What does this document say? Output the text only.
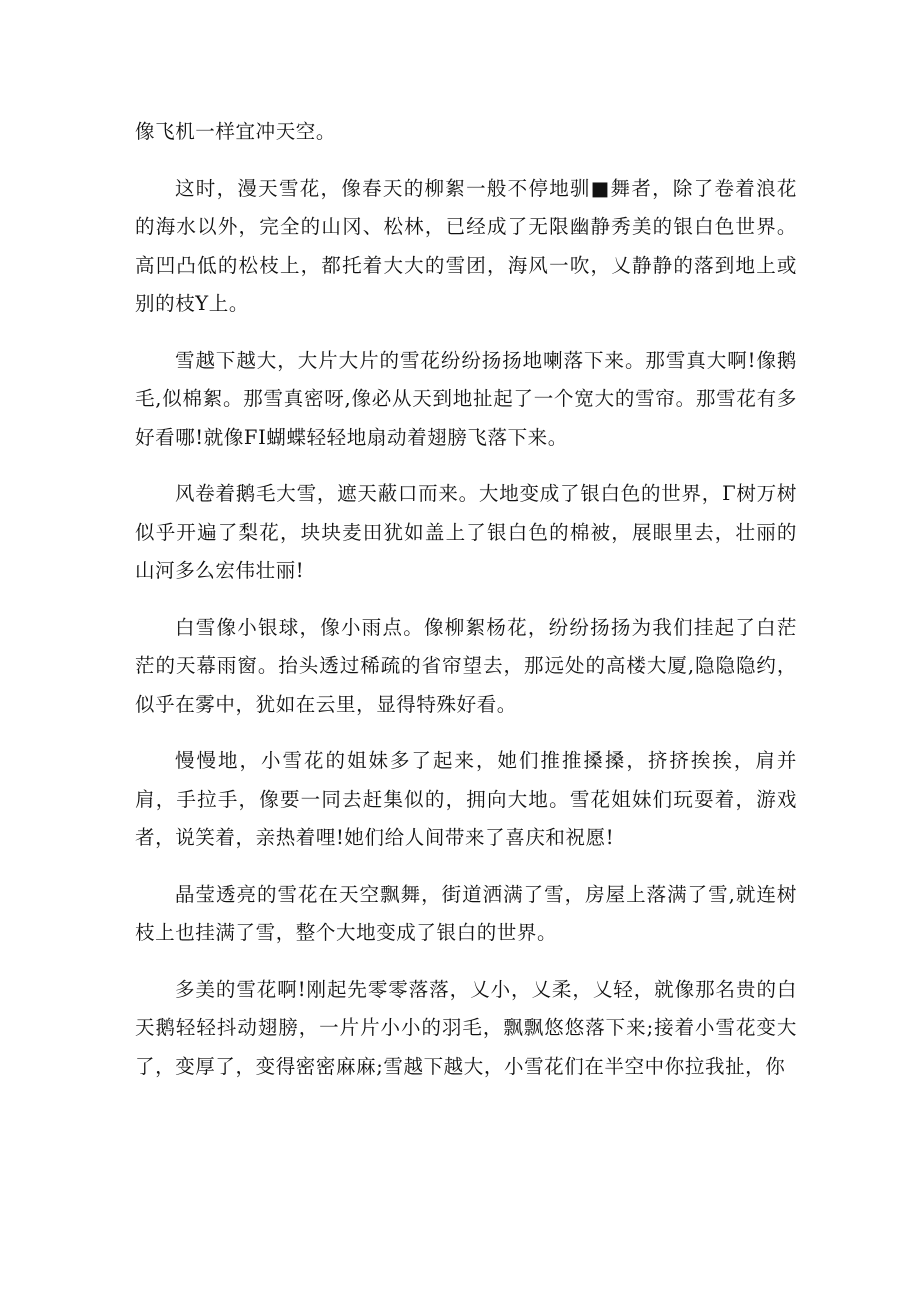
像飞机一样宜冲天空。

这时，漫天雪花，像春天的柳絮一般不停地驯■舞者，除了卷着浪花的海水以外，完全的山冈、松林，已经成了无限幽静秀美的银白色世界。高凹凸低的松枝上，都托着大大的雪团，海风一吹，乂静静的落到地上或别的枝Y上。

雪越下越大，大片大片的雪花纷纷扬扬地喇落下来。那雪真大啊!像鹅毛,似棉絮。那雪真密呀,像必从天到地扯起了一个宽大的雪帘。那雪花有多好看哪!就像FI蝴蝶轻轻地扇动着翅膀飞落下来。

风卷着鹅毛大雪，遮天蔽口而来。大地变成了银白色的世界，Γ树万树似乎开遍了梨花，块块麦田犹如盖上了银白色的棉被，展眼里去，壮丽的山河多么宏伟壮丽!

白雪像小银球，像小雨点。像柳絮杨花，纷纷扬扬为我们挂起了白茫茫的天幕雨窗。抬头透过稀疏的省帘望去，那远处的高楼大厦,隐隐隐约，似乎在雾中，犹如在云里，显得特殊好看。

慢慢地，小雪花的姐妹多了起来，她们推推搡搡，挤挤挨挨，肩并肩，手拉手，像要一同去赶集似的，拥向大地。雪花姐妹们玩耍着，游戏者，说笑着，亲热着哩!她们给人间带来了喜庆和祝愿!

晶莹透亮的雪花在天空飘舞，街道洒满了雪，房屋上落满了雪,就连树枝上也挂满了雪，整个大地变成了银白的世界。

多美的雪花啊!刚起先零零落落，乂小，乂柔，乂轻，就像那名贵的白天鹅轻轻抖动翅膀，一片片小小的羽毛，飘飘悠悠落下来;接着小雪花变大了，变厚了，变得密密麻麻;雪越下越大，小雪花们在半空中你拉我扯，你
